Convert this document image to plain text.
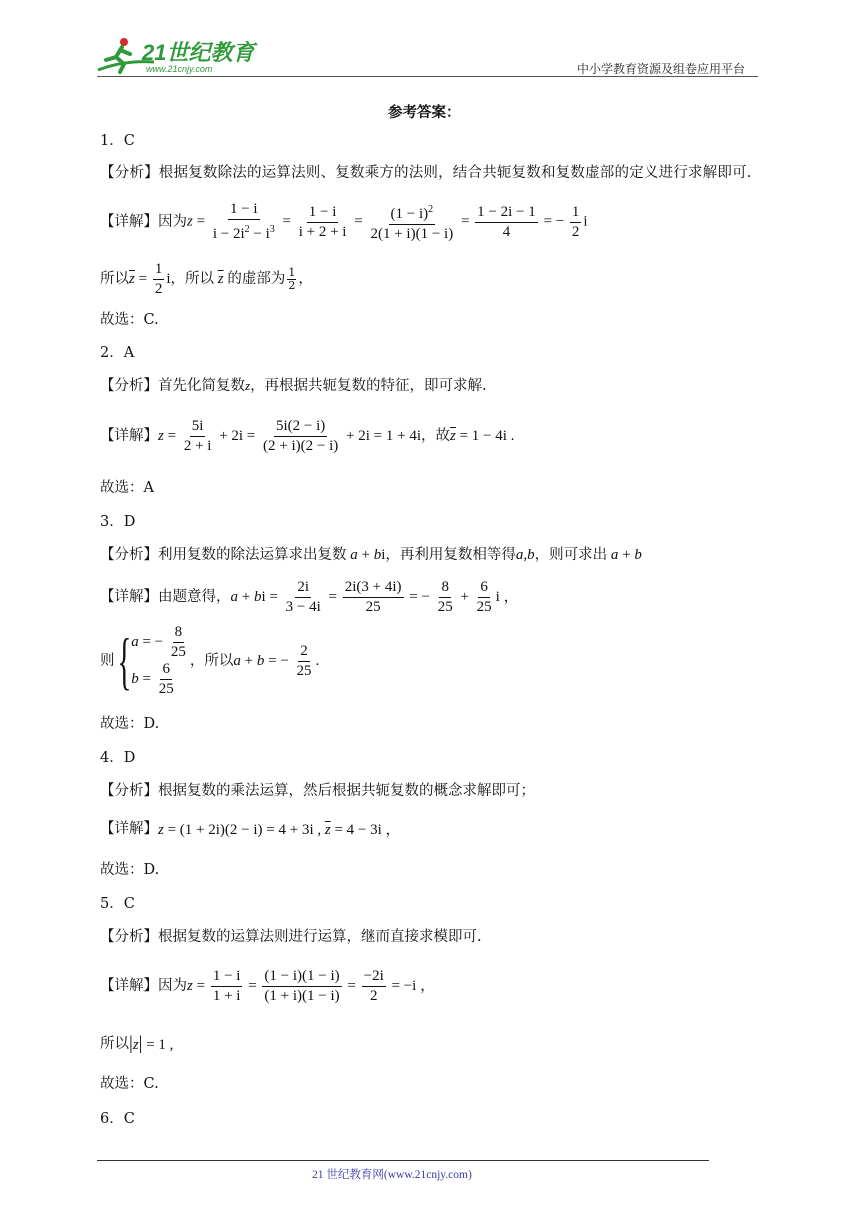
21世纪教育
www.21cnjy.com	中小学教育资源及组卷应用平台
参考答案：
1．C
【分析】根据复数除法的运算法则、复数乘方的法则，结合共轭复数和复数虚部的定义进行求解即可.
【详解】因为 $z = \frac{1 - i}{i - 2i^2 - i^3} = \frac{1 - i}{i + 2 + i} = \frac{(1 - i)^2}{2(1 + i)(1 - i)} = \frac{1 - 2i - 1}{4}$ = − $\frac{1}{2}$ i
所以 $\overline{z} = \frac{1}{2}$ i ，所以 $\overline{z}$ 的虚部为 $\frac{1}{2}$ ，
故选：C.
2．A
【分析】首先化简复数 z ，再根据共轭复数的特征，即可求解.
【详解】 $z = \frac{5i}{2 + i} + 2i = \frac{5i(2 - i)}{(2 + i)(2 - i)} + 2i = 1 + 4i$ ，故 $\overline{z} = 1 - 4i$ .
故选：A
3．D
【分析】利用复数的除法运算求出复数 a + bi ，再利用复数相等得 a,b ，则可求出 a + b
【详解】由题意得， a + bi = $\frac{2i}{3 - 4i} = \frac{2i(3 + 4i)}{25}$ = − $\frac{8}{25} + \frac{6}{25}$ i ，
则 { a = − $\frac{8}{25}$
$b = \frac{6}{25}$ ，所以 a + b = − $\frac{2}{25}$ .
故选：D.
4．D
【分析】根据复数的乘法运算，然后根据共轭复数的概念求解即可；
【详解】 z = (1 + 2i)(2 − i) = 4 + 3i , $\overline{z} = 4 - 3i$ ，
故选：D.
5．C
【分析】根据复数的运算法则进行运算，继而直接求模即可.
【详解】因为 $z = \frac{1 - i}{1 + i} = \frac{(1 - i)(1 - i)}{(1 + i)(1 - i)} = \frac{-2i}{2} = -i$ ，
所以 |z| = 1 ,
故选：C.
6．C
21 世纪教育网(www.21cnjy.com)
